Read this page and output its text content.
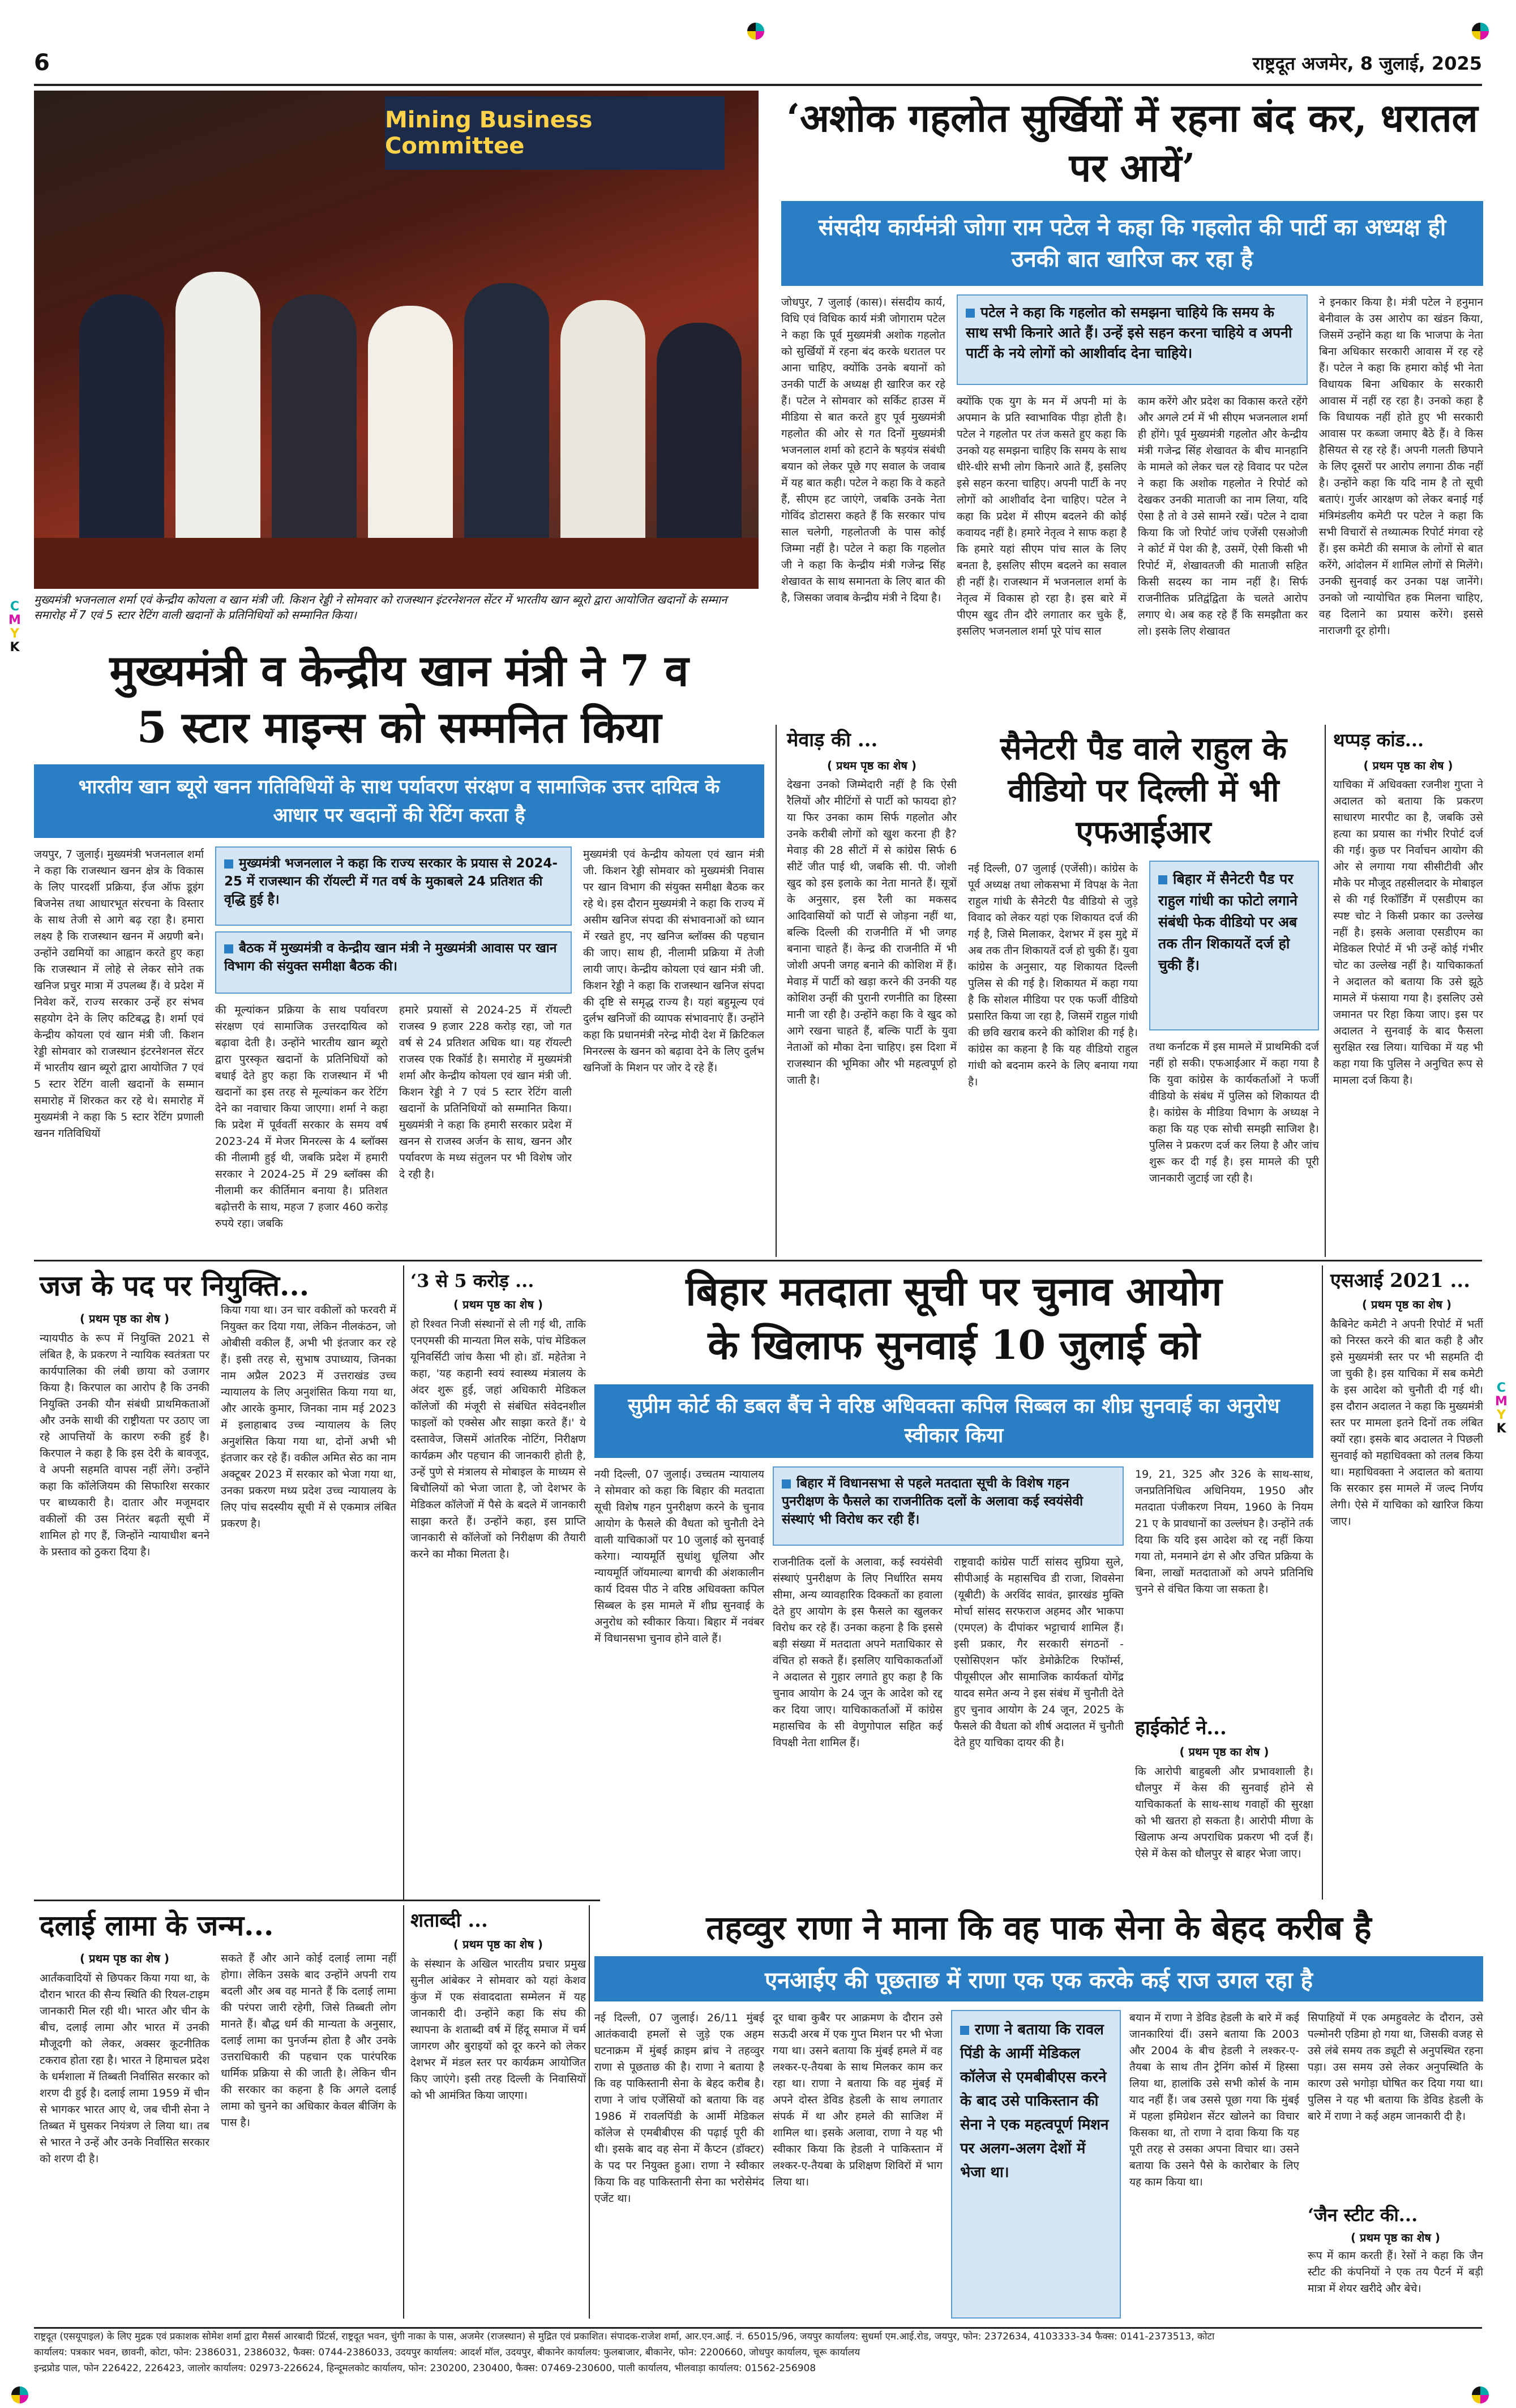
6	राष्ट्रदूत अजमेर, 8 जुलाई, 2025
C
M
Y
K
C
M
Y
K
Mining Business Committee
मुख्यमंत्री भजनलाल शर्मा एवं केन्द्रीय कोयला व खान मंत्री जी. किशन रेड्डी ने सोमवार को राजस्थान इंटरनेशनल सेंटर में भारतीय खान ब्यूरो द्वारा आयोजित खदानों के सम्मान समारोह में 7 एवं 5 स्टार रेटिंग वाली खदानों के प्रतिनिधियों को सम्मानित किया।
‘अशोक गहलोत सुर्खियों में रहना बंद कर, धरातल पर आयें’
संसदीय कार्यमंत्री जोगा राम पटेल ने कहा कि गहलोत की पार्टी का अध्यक्ष ही उनकी बात खारिज कर रहा है
जोधपुर, 7 जुलाई (कास)। संसदीय कार्य, विधि एवं विधिक कार्य मंत्री जोगाराम पटेल ने कहा कि पूर्व मुख्यमंत्री अशोक गहलोत को सुर्खियों में रहना बंद करके धरातल पर आना चाहिए, क्योंकि उनके बयानों को उनकी पार्टी के अध्यक्ष ही खारिज कर रहे हैं। पटेल ने सोमवार को सर्किट हाउस में मीडिया से बात करते हुए पूर्व मुख्यमंत्री गहलोत की ओर से गत दिनों मुख्यमंत्री भजनलाल शर्मा को हटाने के षड़यंत्र संबंधी बयान को लेकर पूछे गए सवाल के जवाब में यह बात कही। पटेल ने कहा कि वे कहते हैं, सीएम हट जाएंगे, जबकि उनके नेता गोविंद डोटासरा कहते हैं कि सरकार पांच साल चलेगी, गहलोतजी के पास कोई जिम्मा नहीं है। पटेल ने कहा कि गहलोत जी ने कहा कि केन्द्रीय मंत्री गजेन्द्र सिंह शेखावत के साथ समानता के लिए बात की है, जिसका जवाब केन्द्रीय मंत्री ने दिया है।
पटेल ने कहा कि गहलोत को समझना चाहिये कि समय के साथ सभी किनारे आते हैं। उन्हें इसे सहन करना चाहिये व अपनी पार्टी के नये लोगों को आशीर्वाद देना चाहिये।
क्योंकि एक युग के मन में अपनी मां के अपमान के प्रति स्वाभाविक पीड़ा होती है। पटेल ने गहलोत पर तंज कसते हुए कहा कि उनको यह समझना चाहिए कि समय के साथ धीरे-धीरे सभी लोग किनारे आते हैं, इसलिए इसे सहन करना चाहिए। अपनी पार्टी के नए लोगों को आशीर्वाद देना चाहिए। पटेल ने कहा कि प्रदेश में सीएम बदलने की कोई कवायद नहीं है। हमारे नेतृत्व ने साफ कहा है कि हमारे यहां सीएम पांच साल के लिए बनता है, इसलिए सीएम बदलने का सवाल ही नहीं है। राजस्थान में भजनलाल शर्मा के नेतृत्व में विकास हो रहा है। इस बारे में पीएम खुद तीन दौरे लगातार कर चुके हैं, इसलिए भजनलाल शर्मा पूरे पांच साल
काम करेंगे और प्रदेश का विकास करते रहेंगे और अगले टर्म में भी सीएम भजनलाल शर्मा ही होंगे। पूर्व मुख्यमंत्री गहलोत और केन्द्रीय मंत्री गजेन्द्र सिंह शेखावत के बीच मानहानि के मामले को लेकर चल रहे विवाद पर पटेल ने कहा कि अशोक गहलोत ने रिपोर्ट को देखकर उनकी माताजी का नाम लिया, यदि ऐसा है तो वे उसे सामने रखें। पटेल ने दावा किया कि जो रिपोर्ट जांच एजेंसी एसओजी ने कोर्ट में पेश की है, उसमें, ऐसी किसी भी रिपोर्ट में, शेखावतजी की माताजी सहित किसी सदस्य का नाम नहीं है। सिर्फ राजनीतिक प्रतिद्वंद्विता के चलते आरोप लगाए थे। अब कह रहे हैं कि समझौता कर लो। इसके लिए शेखावत
ने इनकार किया है। मंत्री पटेल ने हनुमान बेनीवाल के उस आरोप का खंडन किया, जिसमें उन्होंने कहा था कि भाजपा के नेता बिना अधिकार सरकारी आवास में रह रहे हैं। पटेल ने कहा कि हमारा कोई भी नेता विधायक बिना अधिकार के सरकारी आवास में नहीं रह रहा है। उनको कहा है कि विधायक नहीं होते हुए भी सरकारी आवास पर कब्जा जमाए बैठे हैं। वे किस हैसियत से रह रहे हैं। अपनी गलती छिपाने के लिए दूसरों पर आरोप लगाना ठीक नहीं है। उन्होंने कहा कि यदि नाम है तो सूची बताएं। गुर्जर आरक्षण को लेकर बनाई गई मंत्रिमंडलीय कमेटी पर पटेल ने कहा कि सभी विचारों से तथ्यात्मक रिपोर्ट मंगवा रहे हैं। इस कमेटी की समाज के लोगों से बात करेंगे, आंदोलन में शामिल लोगों से मिलेंगे। उनकी सुनवाई कर उनका पक्ष जानेंगे। उनको जो न्यायोचित हक मिलना चाहिए, वह दिलाने का प्रयास करेंगे। इससे नाराजगी दूर होगी।
मुख्यमंत्री व केन्द्रीय खान मंत्री ने 7 व
5 स्टार माइन्स को सम्मनित किया
भारतीय खान ब्यूरो खनन गतिविधियों के साथ पर्यावरण संरक्षण व सामाजिक उत्तर दायित्व के आधार पर खदानों की रेटिंग करता है
जयपुर, 7 जुलाई। मुख्यमंत्री भजनलाल शर्मा ने कहा कि राजस्थान खनन क्षेत्र के विकास के लिए पारदर्शी प्रक्रिया, ईज ऑफ डूइंग बिजनेस तथा आधारभूत संरचना के विस्तार के साथ तेजी से आगे बढ़ रहा है। हमारा लक्ष्य है कि राजस्थान खनन में अग्रणी बने। उन्होंने उद्यमियों का आह्वान करते हुए कहा कि राजस्थान में लोहे से लेकर सोने तक खनिज प्रचुर मात्रा में उपलब्ध हैं। वे प्रदेश में निवेश करें, राज्य सरकार उन्हें हर संभव सहयोग देने के लिए कटिबद्ध है। शर्मा एवं केन्द्रीय कोयला एवं खान मंत्री जी. किशन रेड्डी सोमवार को राजस्थान इंटरनेशनल सेंटर में भारतीय खान ब्यूरो द्वारा आयोजित 7 एवं 5 स्टार रेटिंग वाली खदानों के सम्मान समारोह में शिरकत कर रहे थे। समारोह में मुख्यमंत्री ने कहा कि 5 स्टार रेटिंग प्रणाली खनन गतिविधियों
मुख्यमंत्री भजनलाल ने कहा कि राज्य सरकार के प्रयास से 2024-25 में राजस्थान की रॉयल्टी में गत वर्ष के मुकाबले 24 प्रतिशत की वृद्धि हुई है।
बैठक में मुख्यमंत्री व केन्द्रीय खान मंत्री ने मुख्यमंत्री आवास पर खान विभाग की संयुक्त समीक्षा बैठक की।
की मूल्यांकन प्रक्रिया के साथ पर्यावरण संरक्षण एवं सामाजिक उत्तरदायित्व को बढ़ावा देती है। उन्होंने भारतीय खान ब्यूरो द्वारा पुरस्कृत खदानों के प्रतिनिधियों को बधाई देते हुए कहा कि राजस्थान में भी खदानों का इस तरह से मूल्यांकन कर रेटिंग देने का नवाचार किया जाएगा। शर्मा ने कहा कि प्रदेश में पूर्ववर्ती सरकार के समय वर्ष 2023-24 में मेजर मिनरल्स के 4 ब्लॉक्स की नीलामी हुई थी, जबकि प्रदेश में हमारी सरकार ने 2024-25 में 29 ब्लॉक्स की नीलामी कर कीर्तिमान बनाया है। प्रतिशत बढ़ोत्तरी के साथ, महज 7 हजार 460 करोड़ रुपये रहा। जबकि
हमारे प्रयासों से 2024-25 में रॉयल्टी राजस्व 9 हजार 228 करोड़ रहा, जो गत वर्ष से 24 प्रतिशत अधिक था। यह रॉयल्टी राजस्व एक रिकॉर्ड है। समारोह में मुख्यमंत्री शर्मा और केन्द्रीय कोयला एवं खान मंत्री जी. किशन रेड्डी ने 7 एवं 5 स्टार रेटिंग वाली खदानों के प्रतिनिधियों को सम्मानित किया। मुख्यमंत्री ने कहा कि हमारी सरकार प्रदेश में खनन से राजस्व अर्जन के साथ, खनन और पर्यावरण के मध्य संतुलन पर भी विशेष जोर दे रही है।
मुख्यमंत्री एवं केन्द्रीय कोयला एवं खान मंत्री जी. किशन रेड्डी सोमवार को मुख्यमंत्री निवास पर खान विभाग की संयुक्त समीक्षा बैठक कर रहे थे। इस दौरान मुख्यमंत्री ने कहा कि राज्य में असीम खनिज संपदा की संभावनाओं को ध्यान में रखते हुए, नए खनिज ब्लॉक्स की पहचान की जाए। साथ ही, नीलामी प्रक्रिया में तेजी लायी जाए। केन्द्रीय कोयला एवं खान मंत्री जी. किशन रेड्डी ने कहा कि राजस्थान खनिज संपदा की दृष्टि से समृद्ध राज्य है। यहां बहुमूल्य एवं दुर्लभ खनिजों की व्यापक संभावनाएं हैं। उन्होंने कहा कि प्रधानमंत्री नरेन्द्र मोदी देश में क्रिटिकल मिनरल्स के खनन को बढ़ावा देने के लिए दुर्लभ खनिजों के मिशन पर जोर दे रहे हैं।
मेवाड़ की ...
( प्रथम पृष्ठ का शेष )
देखना उनको जिम्मेदारी नहीं है कि ऐसी रैलियों और मीटिंगों से पार्टी को फायदा हो? या फिर उनका काम सिर्फ गहलोत और उनके करीबी लोगों को खुश करना ही है? मेवाड़ की 28 सीटों में से कांग्रेस सिर्फ 6 सीटें जीत पाई थी, जबकि सी. पी. जोशी खुद को इस इलाके का नेता मानते हैं। सूत्रों के अनुसार, इस रैली का मकसद आदिवासियों को पार्टी से जोड़ना नहीं था, बल्कि दिल्ली की राजनीति में भी जगह बनाना चाहते हैं। केन्द्र की राजनीति में भी जोशी अपनी जगह बनाने की कोशिश में हैं। मेवाड़ में पार्टी को खड़ा करने की उनकी यह कोशिश उन्हीं की पुरानी रणनीति का हिस्सा मानी जा रही है। उन्होंने कहा कि वे खुद को आगे रखना चाहते हैं, बल्कि पार्टी के युवा नेताओं को मौका देना चाहिए। इस दिशा में राजस्थान की भूमिका और भी महत्वपूर्ण हो जाती है।
सैनेटरी पैड वाले राहुल के वीडियो पर दिल्ली में भी एफआईआर
नई दिल्ली, 07 जुलाई (एजेंसी)। कांग्रेस के पूर्व अध्यक्ष तथा लोकसभा में विपक्ष के नेता राहुल गांधी के सैनेटरी पैड वीडियो से जुड़े विवाद को लेकर यहां एक शिकायत दर्ज की गई है, जिसे मिलाकर, देशभर में इस मुद्दे में अब तक तीन शिकायतें दर्ज हो चुकी हैं। युवा कांग्रेस के अनुसार, यह शिकायत दिल्ली पुलिस से की गई है। शिकायत में कहा गया है कि सोशल मीडिया पर एक फर्जी वीडियो प्रसारित किया जा रहा है, जिसमें राहुल गांधी की छवि खराब करने की कोशिश की गई है। कांग्रेस का कहना है कि यह वीडियो राहुल गांधी को बदनाम करने के लिए बनाया गया है।
बिहार में सैनेटरी पैड पर राहुल गांधी का फोटो लगाने संबंधी फेक वीडियो पर अब तक तीन शिकायतें दर्ज हो चुकी हैं।
तथा कर्नाटक में इस मामले में प्राथमिकी दर्ज नहीं हो सकी। एफआईआर में कहा गया है कि युवा कांग्रेस के कार्यकर्ताओं ने फर्जी वीडियो के संबंध में पुलिस को शिकायत दी है। कांग्रेस के मीडिया विभाग के अध्यक्ष ने कहा कि यह एक सोची समझी साजिश है। पुलिस ने प्रकरण दर्ज कर लिया है और जांच शुरू कर दी गई है। इस मामले की पूरी जानकारी जुटाई जा रही है।
थप्पड़ कांड...
( प्रथम पृष्ठ का शेष )
याचिका में अधिवक्ता रजनीश गुप्ता ने अदालत को बताया कि प्रकरण साधारण मारपीट का है, जबकि उसे हत्या का प्रयास का गंभीर रिपोर्ट दर्ज की गई। कुछ पर निर्वाचन आयोग की ओर से लगाया गया सीसीटीवी और मौके पर मौजूद तहसीलदार के मोबाइल से की गई रिकॉर्डिंग में एसडीएम का स्पष्ट चोट ने किसी प्रकार का उल्लेख नहीं है। इसके अलावा एसडीएम का मेडिकल रिपोर्ट में भी उन्हें कोई गंभीर चोट का उल्लेख नहीं है। याचिकाकर्ता ने अदालत को बताया कि उसे झूठे मामले में फंसाया गया है। इसलिए उसे जमानत पर रिहा किया जाए। इस पर अदालत ने सुनवाई के बाद फैसला सुरक्षित रख लिया। याचिका में यह भी कहा गया कि पुलिस ने अनुचित रूप से मामला दर्ज किया है।
जज के पद पर नियुक्ति...
( प्रथम पृष्ठ का शेष )
न्यायपीठ के रूप में नियुक्ति 2021 से लंबित है, के प्रकरण ने न्यायिक स्वतंत्रता पर कार्यपालिका की लंबी छाया को उजागर किया है। किरपाल का आरोप है कि उनकी नियुक्ति उनकी यौन संबंधी प्राथमिकताओं और उनके साथी की राष्ट्रीयता पर उठाए जा रहे आपत्तियों के कारण रुकी हुई है। किरपाल ने कहा है कि इस देरी के बावजूद, वे अपनी सहमति वापस नहीं लेंगे। उन्होंने कहा कि कॉलेजियम की सिफारिश सरकार पर बाध्यकारी है। दातार और मजूमदार वकीलों की उस निरंतर बढ़ती सूची में शामिल हो गए हैं, जिन्होंने न्यायाधीश बनने के प्रस्ताव को ठुकरा दिया है।
किया गया था। उन चार वकीलों को फरवरी में नियुक्त कर दिया गया, लेकिन नीलकंठन, जो ओबीसी वकील हैं, अभी भी इंतजार कर रहे हैं। इसी तरह से, सुभाष उपाध्याय, जिनका नाम अप्रैल 2023 में उत्तराखंड उच्च न्यायालय के लिए अनुशंसित किया गया था, और आरके कुमार, जिनका नाम मई 2023 में इलाहाबाद उच्च न्यायालय के लिए अनुशंसित किया गया था, दोनों अभी भी इंतजार कर रहे हैं। वकील अमित सेठ का नाम अक्टूबर 2023 में सरकार को भेजा गया था, उनका प्रकरण मध्य प्रदेश उच्च न्यायालय के लिए पांच सदस्यीय सूची में से एकमात्र लंबित प्रकरण है।
‘3 से 5 करोड़ ...
( प्रथम पृष्ठ का शेष )
हो रिश्वत निजी संस्थानों से ली गई थी, ताकि एनएमसी की मान्यता मिल सके, पांच मेडिकल यूनिवर्सिटी जांच कैसा भी हो। डॉ. महेतेत्रा ने कहा, 'यह कहानी स्वयं स्वास्थ्य मंत्रालय के अंदर शुरू हुई, जहां अधिकारी मेडिकल कॉलेजों की मंजूरी से संबंधित संवेदनशील फाइलों को एक्सेस और साझा करते हैं।' ये दस्तावेज, जिसमें आंतरिक नोटिंग, निरीक्षण कार्यक्रम और पहचान की जानकारी होती है, उन्हें पुणे से मंत्रालय से मोबाइल के माध्यम से बिचौलियों को भेजा जाता है, जो देशभर के मेडिकल कॉलेजों में पैसे के बदले में जानकारी साझा करते हैं। उन्होंने कहा, इस प्राप्ति जानकारी से कॉलेजों को निरीक्षण की तैयारी करने का मौका मिलता है।
बिहार मतदाता सूची पर चुनाव आयोग
के खिलाफ सुनवाई 10 जुलाई को
सुप्रीम कोर्ट की डबल बैंच ने वरिष्ठ अधिवक्ता कपिल सिब्बल का शीघ्र सुनवाई का अनुरोध स्वीकार किया
नयी दिल्ली, 07 जुलाई। उच्चतम न्यायालय ने सोमवार को कहा कि बिहार की मतदाता सूची विशेष गहन पुनरीक्षण करने के चुनाव आयोग के फैसले की वैधता को चुनौती देने वाली याचिकाओं पर 10 जुलाई को सुनवाई करेगा। न्यायमूर्ति सुधांशु धूलिया और न्यायमूर्ति जॉयमाल्या बागची की अंशकालीन कार्य दिवस पीठ ने वरिष्ठ अधिवक्ता कपिल सिब्बल के इस मामले में शीघ्र सुनवाई के अनुरोध को स्वीकार किया। बिहार में नवंबर में विधानसभा चुनाव होने वाले हैं।
बिहार में विधानसभा से पहले मतदाता सूची के विशेष गहन पुनरीक्षण के फैसले का राजनीतिक दलों के अलावा कई स्वयंसेवी संस्थाएं भी विरोध कर रही हैं।
राजनीतिक दलों के अलावा, कई स्वयंसेवी संस्थाएं पुनरीक्षण के लिए निर्धारित समय सीमा, अन्य व्यावहारिक दिक्कतों का हवाला देते हुए आयोग के इस फैसले का खुलकर विरोध कर रहे हैं। उनका कहना है कि इससे बड़ी संख्या में मतदाता अपने मताधिकार से वंचित हो सकते हैं। इसलिए याचिकाकर्ताओं ने अदालत से गुहार लगाते हुए कहा है कि चुनाव आयोग के 24 जून के आदेश को रद्द कर दिया जाए। याचिकाकर्ताओं में कांग्रेस महासचिव के सी वेणुगोपाल सहित कई विपक्षी नेता शामिल हैं।
राष्ट्रवादी कांग्रेस पार्टी सांसद सुप्रिया सुले, सीपीआई के महासचिव डी राजा, शिवसेना (यूबीटी) के अरविंद सावंत, झारखंड मुक्ति मोर्चा सांसद सरफराज अहमद और भाकपा (एमएल) के दीपांकर भट्टाचार्य शामिल हैं। इसी प्रकार, गैर सरकारी संगठनों - एसोसिएशन फॉर डेमोक्रेटिक रिफॉर्म्स, पीयूसीएल और सामाजिक कार्यकर्ता योगेंद्र यादव समेत अन्य ने इस संबंध में चुनौती देते हुए चुनाव आयोग के 24 जून, 2025 के फैसले की वैधता को शीर्ष अदालत में चुनौती देते हुए याचिका दायर की है।
19, 21, 325 और 326 के साथ-साथ, जनप्रतिनिधित्व अधिनियम, 1950 और मतदाता पंजीकरण नियम, 1960 के नियम 21 ए के प्रावधानों का उल्लंघन है। उन्होंने तर्क दिया कि यदि इस आदेश को रद्द नहीं किया गया तो, मनमाने ढंग से और उचित प्रक्रिया के बिना, लाखों मतदाताओं को अपने प्रतिनिधि चुनने से वंचित किया जा सकता है।
हाईकोर्ट ने...
( प्रथम पृष्ठ का शेष )
कि आरोपी बाहुबली और प्रभावशाली है। धौलपुर में केस की सुनवाई होने से याचिकाकर्ता के साथ-साथ गवाहों की सुरक्षा को भी खतरा हो सकता है। आरोपी मीणा के खिलाफ अन्य अपराधिक प्रकरण भी दर्ज हैं। ऐसे में केस को धौलपुर से बाहर भेजा जाए।
एसआई 2021 ...
( प्रथम पृष्ठ का शेष )
कैबिनेट कमेटी ने अपनी रिपोर्ट में भर्ती को निरस्त करने की बात कही है और इसे मुख्यमंत्री स्तर पर भी सहमति दी जा चुकी है। इस याचिका में सब कमेटी के इस आदेश को चुनौती दी गई थी। इस दौरान अदालत ने कहा कि मुख्यमंत्री स्तर पर मामला इतने दिनों तक लंबित क्यों रहा। इसके बाद अदालत ने पिछली सुनवाई को महाधिवक्ता को तलब किया था। महाधिवक्ता ने अदालत को बताया कि सरकार इस मामले में जल्द निर्णय लेगी। ऐसे में याचिका को खारिज किया जाए।
दलाई लामा के जन्म...
( प्रथम पृष्ठ का शेष )
आर्तंकवादियों से छिपकर किया गया था, के दौरान भारत की सैन्य स्थिति की रियल-टाइम जानकारी मिल रही थी। भारत और चीन के बीच, दलाई लामा और भारत में उनकी मौजूदगी को लेकर, अक्सर कूटनीतिक टकराव होता रहा है। भारत ने हिमाचल प्रदेश के धर्मशाला में तिब्बती निर्वासित सरकार को शरण दी हुई है। दलाई लामा 1959 में चीन से भागकर भारत आए थे, जब चीनी सेना ने तिब्बत में घुसकर नियंत्रण ले लिया था। तब से भारत ने उन्हें और उनके निर्वासित सरकार को शरण दी है।
सकते हैं और आने कोई दलाई लामा नहीं होगा। लेकिन उसके बाद उन्होंने अपनी राय बदली और अब वह मानते हैं कि दलाई लामा की परंपरा जारी रहेगी, जिसे तिब्बती लोग मानते हैं। बौद्ध धर्म की मान्यता के अनुसार, दलाई लामा का पुनर्जन्म होता है और उनके उत्तराधिकारी की पहचान एक पारंपरिक धार्मिक प्रक्रिया से की जाती है। लेकिन चीन की सरकार का कहना है कि अगले दलाई लामा को चुनने का अधिकार केवल बीजिंग के पास है।
शताब्दी ...
( प्रथम पृष्ठ का शेष )
के संस्थान के अखिल भारतीय प्रचार प्रमुख सुनील आंबेकर ने सोमवार को यहां केशव कुंज में एक संवाददाता सम्मेलन में यह जानकारी दी। उन्होंने कहा कि संघ की स्थापना के शताब्दी वर्ष में हिंदू समाज में चर्म जागरण और बुराइयों को दूर करने को लेकर देशभर में मंडल स्तर पर कार्यक्रम आयोजित किए जाएंगे। इसी तरह दिल्ली के निवासियों को भी आमंत्रित किया जाएगा।
तहव्वुर राणा ने माना कि वह पाक सेना के बेहद करीब है
एनआईए की पूछताछ में राणा एक एक करके कई राज उगल रहा है
नई दिल्ली, 07 जुलाई। 26/11 मुंबई आतंकवादी हमलों से जुड़े एक अहम घटनाक्रम में मुंबई क्राइम ब्रांच ने तहव्वुर राणा से पूछताछ की है। राणा ने बताया है कि वह पाकिस्तानी सेना के बेहद करीब है। राणा ने जांच एजेंसियों को बताया कि वह 1986 में रावलपिंडी के आर्मी मेडिकल कॉलेज से एमबीबीएस की पढ़ाई पूरी की थी। इसके बाद वह सेना में कैप्टन (डॉक्टर) के पद पर नियुक्त हुआ। राणा ने स्वीकार किया कि वह पाकिस्तानी सेना का भरोसेमंद एजेंट था।
दूर धाबा कुबैर पर आक्रमण के दौरान उसे सऊदी अरब में एक गुप्त मिशन पर भी भेजा गया था। उसने बताया कि मुंबई हमले में वह लश्कर-ए-तैयबा के साथ मिलकर काम कर रहा था। राणा ने बताया कि वह मुंबई में अपने दोस्त डेविड हेडली के साथ लगातार संपर्क में था और हमले की साजिश में शामिल था। इसके अलावा, राणा ने यह भी स्वीकार किया कि हेडली ने पाकिस्तान में लश्कर-ए-तैयबा के प्रशिक्षण शिविरों में भाग लिया था।
राणा ने बताया कि रावल पिंडी के आर्मी मेडिकल कॉलेज से एमबीबीएस करने के बाद उसे पाकिस्तान की सेना ने एक महत्वपूर्ण मिशन पर अलग-अलग देशों में भेजा था।
बयान में राणा ने डेविड हेडली के बारे में कई जानकारियां दीं। उसने बताया कि 2003 और 2004 के बीच हेडली ने लश्कर-ए-तैयबा के साथ तीन ट्रेनिंग कोर्स में हिस्सा लिया था, हालांकि उसे सभी कोर्स के नाम याद नहीं हैं। जब उससे पूछा गया कि मुंबई में पहला इमिग्रेशन सेंटर खोलने का विचार किसका था, तो राणा ने दावा किया कि यह पूरी तरह से उसका अपना विचार था। उसने बताया कि उसने पैसे के कारोबार के लिए यह काम किया था।
सिपाहियों में एक अमहुवलेट के दौरान, उसे पल्मोनरी एडिमा हो गया था, जिसकी वजह से उसे लंबे समय तक ड्यूटी से अनुपस्थित रहना पड़ा। उस समय उसे लेकर अनुपस्थिति के कारण उसे भगोड़ा घोषित कर दिया गया था। पुलिस ने यह भी बताया कि डेविड हेडली के बारे में राणा ने कई अहम जानकारी दी है।
‘जैन स्टीट की...
( प्रथम पृष्ठ का शेष )
रूप में काम करती हैं। रेसों ने कहा कि जैन स्टीट की कंपनियों ने एक तय पैटर्न में बड़ी मात्रा में शेयर खरीदे और बेचे।
राष्ट्रदूत (एसयूपाइल) के लिए मुद्रक एवं प्रकाशक सोमेश शर्मा द्वारा मैसर्स आरबादी प्रिंटर्स, राष्ट्रदूत भवन, चुंगी नाका के पास, अजमेर (राजस्थान) से मुद्रित एवं प्रकाशित। संपादक-राजेश शर्मा, आर.एन.आई. नं. 65015/96, जयपुर कार्यालय: सुधर्मा एम.आई.रोड, जयपुर, फोन: 2372634, 4103333-34 फैक्स: 0141-2373513, कोटा
कार्यालय: पत्रकार भवन, छावनी, कोटा, फोन: 2386031, 2386032, फैक्स: 0744-2386033, उदयपुर कार्यालय: आदर्श मॉल, उदयपुर, बीकानेर कार्यालय: फुलबाजार, बीकानेर, फोन: 2200660, जोधपुर कार्यालय, चूरू कार्यालय
इन्द्रप्रोड पाल, फोन 226422, 226423, जालोर कार्यालय: 02973-226624, हिन्दूमलकोट कार्यालय, फोन: 230200, 230400, फैक्स: 07469-230600, पाली कार्यालय, भीलवाड़ा कार्यालय: 01562-256908
